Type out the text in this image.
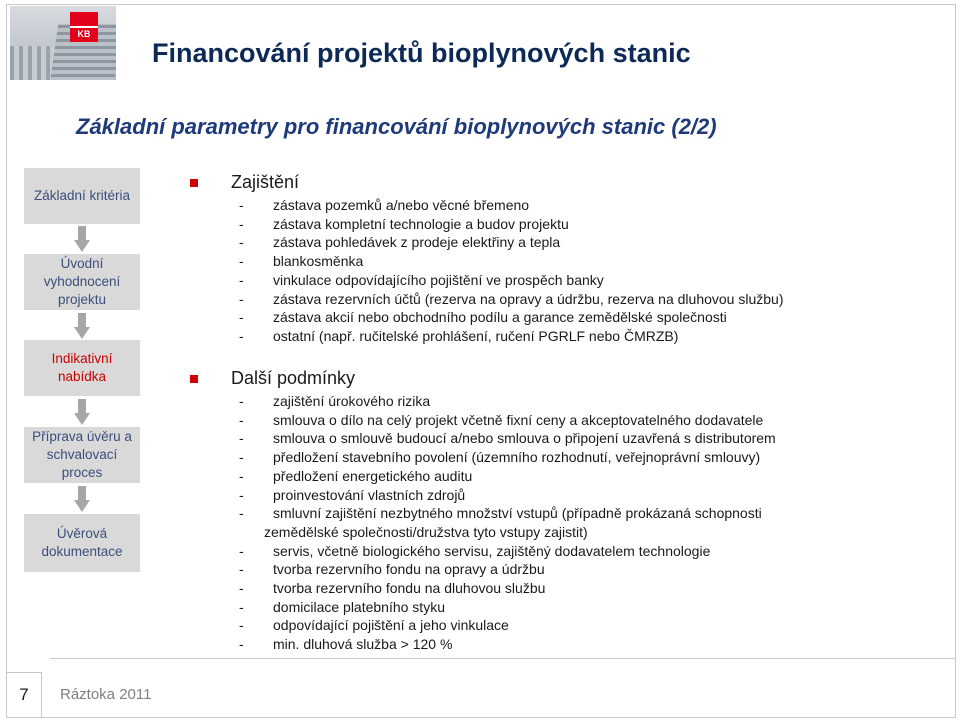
KB
Financování projektů bioplynových stanic
Základní parametry pro financování bioplynových stanic (2/2)
Základní kritéria
Úvodní vyhodnocení projektu
Indikativní nabídka
Příprava úvěru a schvalovací proces
Úvěrová dokumentace
Zajištění
- zástava pozemků a/nebo věcné břemeno
- zástava kompletní technologie a budov projektu
- zástava pohledávek z prodeje elektřiny a tepla
- blankosměnka
- vinkulace odpovídajícího pojištění ve prospěch banky
- zástava rezervních účtů (rezerva na opravy a údržbu, rezerva na dluhovou službu)
- zástava akcií nebo obchodního podílu a garance zemědělské společnosti
- ostatní (např. ručitelské prohlášení, ručení PGRLF nebo ČMRZB)
Další podmínky
- zajištění úrokového rizika
- smlouva o dílo na celý projekt včetně fixní ceny a akceptovatelného dodavatele
- smlouva o smlouvě budoucí a/nebo smlouva o připojení uzavřená s distributorem
- předložení stavebního povolení (územního rozhodnutí, veřejnoprávní smlouvy)
- předložení energetického auditu
- proinvestování vlastních zdrojů
- smluvní zajištění nezbytného množství vstupů (případně prokázaná schopnosti
zemědělské společnosti/družstva tyto vstupy zajistit)
- servis, včetně biologického servisu, zajištěný dodavatelem technologie
- tvorba rezervního fondu na opravy a údržbu
- tvorba rezervního fondu na dluhovou službu
- domicilace platebního styku
- odpovídající pojištění a jeho vinkulace
- min. dluhová služba > 120 %
7	Ráztoka 2011
